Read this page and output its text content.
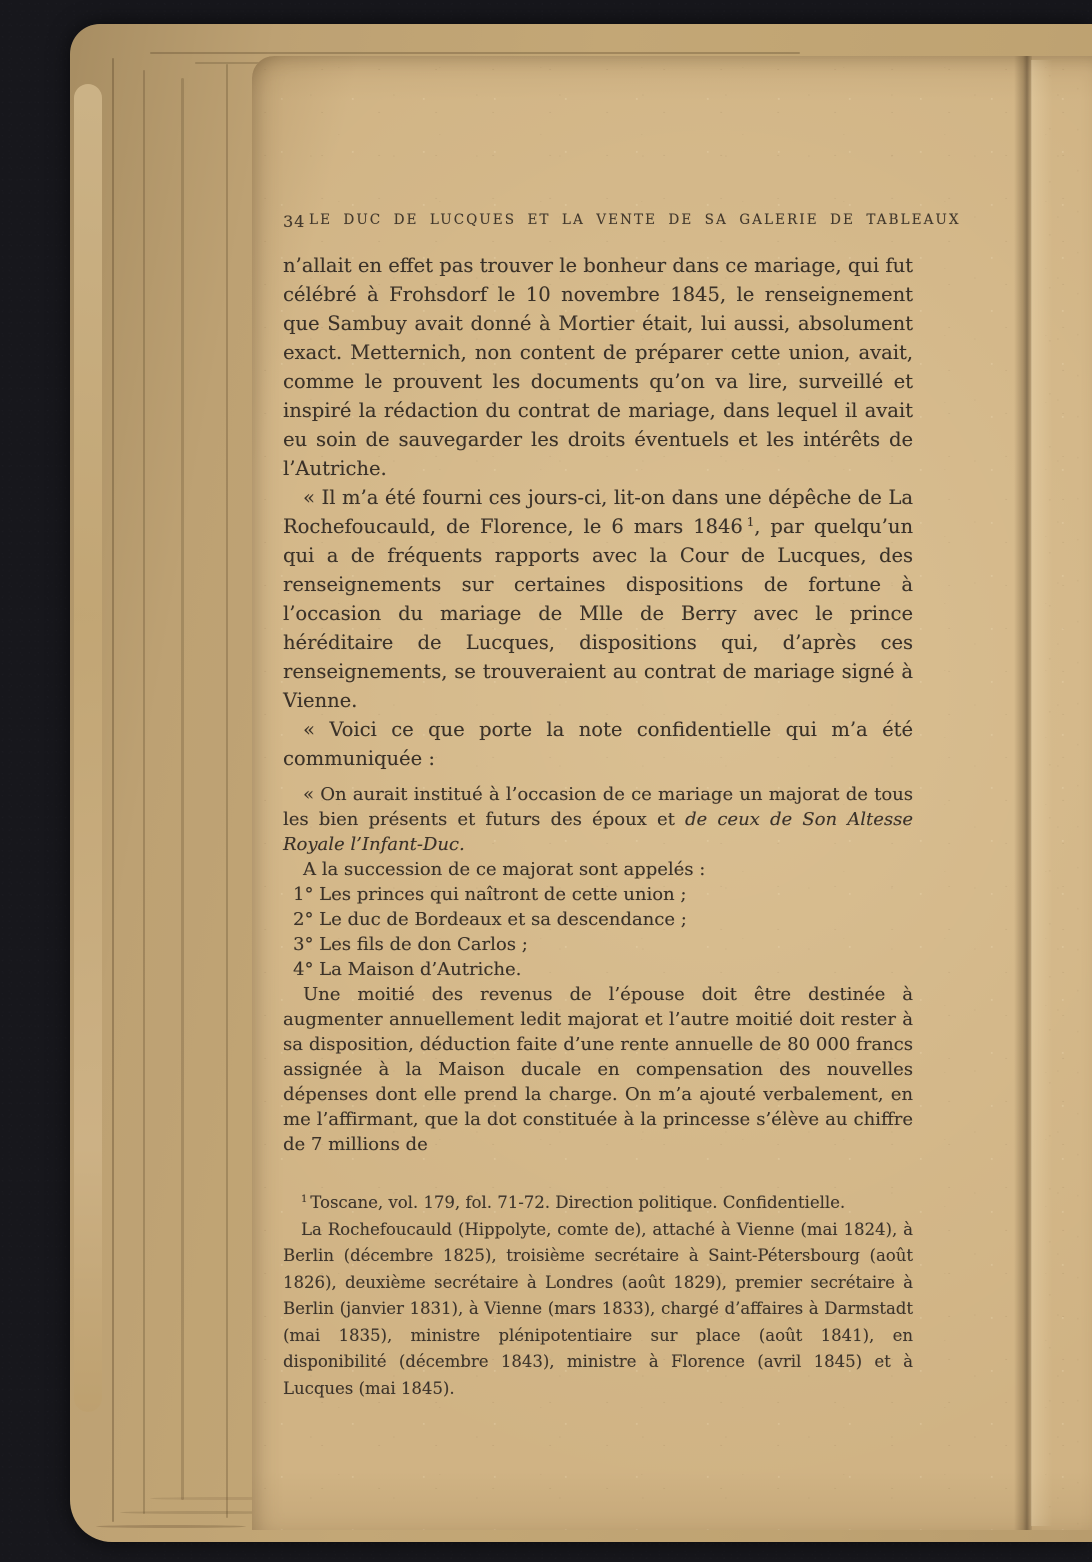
34 LE DUC DE LUCQUES ET LA VENTE DE SA GALERIE DE TABLEAUX

n’allait en effet pas trouver le bonheur dans ce mariage, qui fut célébré à Frohsdorf le 10 novembre 1845, le renseignement que Sambuy avait donné à Mortier était, lui aussi, absolument exact. Metternich, non content de préparer cette union, avait, comme le prouvent les documents qu’on va lire, surveillé et inspiré la rédaction du contrat de mariage, dans lequel il avait eu soin de sauvegarder les droits éventuels et les intérêts de l’Autriche.

« Il m’a été fourni ces jours-ci, lit-on dans une dépêche de La Rochefoucauld, de Florence, le 6 mars 1846 $^1$, par quelqu’un qui a de fréquents rapports avec la Cour de Lucques, des renseignements sur certaines dispositions de fortune à l’occasion du mariage de Mlle de Berry avec le prince héréditaire de Lucques, dispositions qui, d’après ces renseignements, se trouveraient au contrat de mariage signé à Vienne.

« Voici ce que porte la note confidentielle qui m’a été communiquée :

« On aurait institué à l’occasion de ce mariage un majorat de tous les bien présents et futurs des époux et de ceux de Son Altesse Royale l’Infant-Duc.

A la succession de ce majorat sont appelés :

1° Les princes qui naîtront de cette union ;

2° Le duc de Bordeaux et sa descendance ;

3° Les fils de don Carlos ;

4° La Maison d’Autriche.

Une moitié des revenus de l’épouse doit être destinée à augmenter annuellement ledit majorat et l’autre moitié doit rester à sa disposition, déduction faite d’une rente annuelle de 80 000 francs assignée à la Maison ducale en compensation des nouvelles dépenses dont elle prend la charge. On m’a ajouté verbalement, en me l’affirmant, que la dot constituée à la princesse s’élève au chiffre de 7 millions de

$^1$ Toscane, vol. 179, fol. 71-72. Direction politique. Confidentielle.

La Rochefoucauld (Hippolyte, comte de), attaché à Vienne (mai 1824), à Berlin (décembre 1825), troisième secrétaire à Saint-Pétersbourg (août 1826), deuxième secrétaire à Londres (août 1829), premier secrétaire à Berlin (janvier 1831), à Vienne (mars 1833), chargé d’affaires à Darmstadt (mai 1835), ministre plénipotentiaire sur place (août 1841), en disponibilité (décembre 1843), ministre à Florence (avril 1845) et à Lucques (mai 1845).
